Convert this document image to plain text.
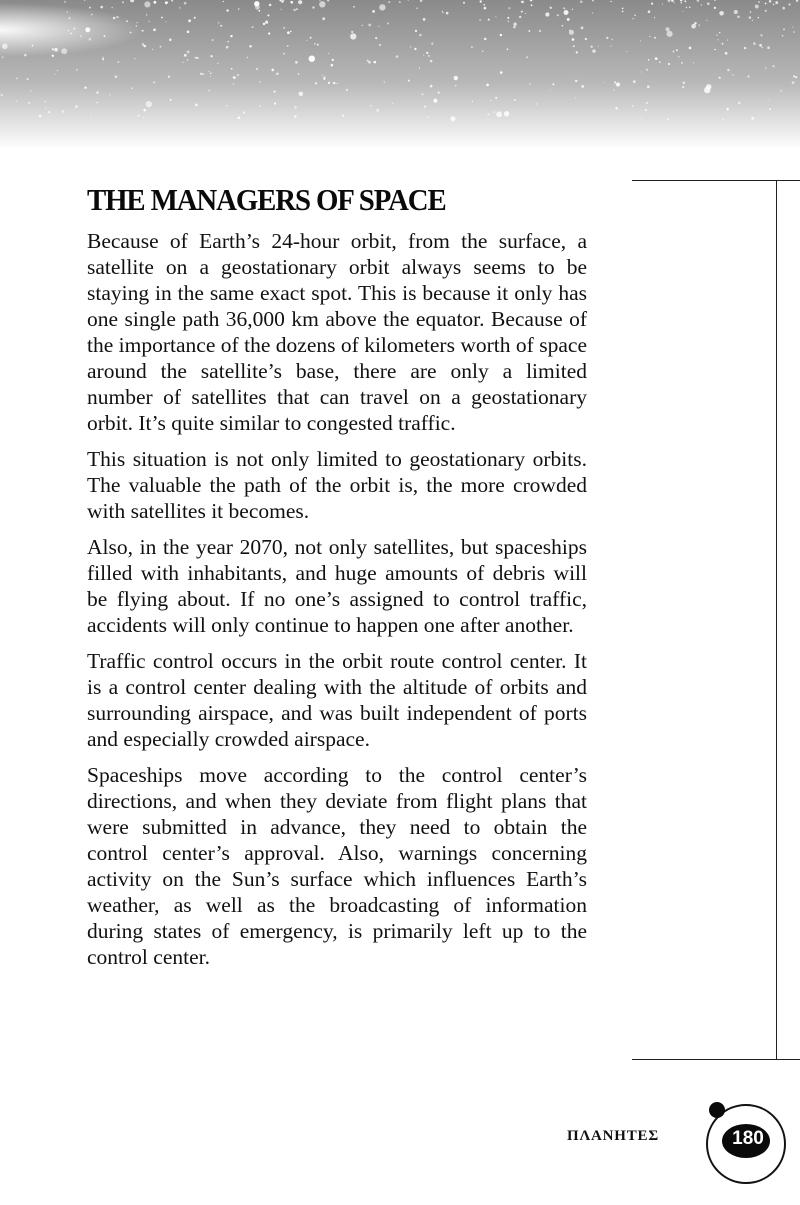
THE MANAGERS OF SPACE

Because of Earth’s 24-hour orbit, from the surface, a satellite on a geostationary orbit always seems to be staying in the same exact spot. This is because it only has one single path 36,000 km above the equator. Because of the importance of the dozens of kilometers worth of space around the satellite’s base, there are only a limited number of satellites that can travel on a geostationary orbit. It’s quite similar to congested traffic.

This situation is not only limited to geostationary orbits. The valuable the path of the orbit is, the more crowded with satellites it becomes.

Also, in the year 2070, not only satellites, but spaceships filled with inhabitants, and huge amounts of debris will be flying about. If no one’s assigned to control traffic, accidents will only continue to happen one after another.

Traffic control occurs in the orbit route control center. It is a control center dealing with the altitude of orbits and surrounding airspace, and was built independent of ports and especially crowded airspace.

Spaceships move according to the control center’s directions, and when they deviate from flight plans that were submitted in advance, they need to obtain the control center’s approval. Also, warnings concerning activity on the Sun’s surface which influences Earth’s weather, as well as the broadcasting of information during states of emergency, is primarily left up to the control center.

ΠΛΑΝΗΤΕΣ	180
